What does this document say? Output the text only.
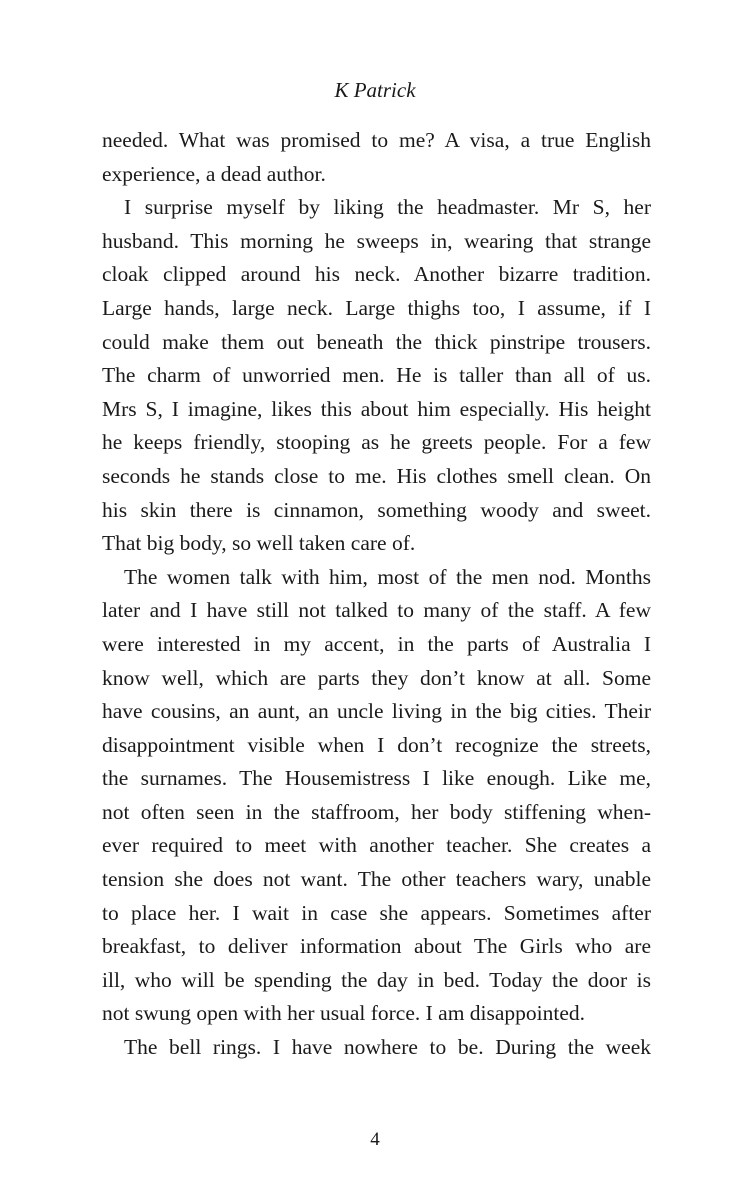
K Patrick
needed. What was promised to me? A visa, a true English
experience, a dead author.
I surprise myself by liking the headmaster. Mr S, her
husband. This morning he sweeps in, wearing that strange
cloak clipped around his neck. Another bizarre tradition.
Large hands, large neck. Large thighs too, I assume, if I
could make them out beneath the thick pinstripe trousers.
The charm of unworried men. He is taller than all of us.
Mrs S, I imagine, likes this about him especially. His height
he keeps friendly, stooping as he greets people. For a few
seconds he stands close to me. His clothes smell clean. On
his skin there is cinnamon, something woody and sweet.
That big body, so well taken care of.
The women talk with him, most of the men nod. Months
later and I have still not talked to many of the staff. A few
were interested in my accent, in the parts of Australia I
know well, which are parts they don’t know at all. Some
have cousins, an aunt, an uncle living in the big cities. Their
disappointment visible when I don’t recognize the streets,
the surnames. The Housemistress I like enough. Like me,
not often seen in the staffroom, her body stiffening when-
ever required to meet with another teacher. She creates a
tension she does not want. The other teachers wary, unable
to place her. I wait in case she appears. Sometimes after
breakfast, to deliver information about The Girls who are
ill, who will be spending the day in bed. Today the door is
not swung open with her usual force. I am disappointed.
The bell rings. I have nowhere to be. During the week
4
